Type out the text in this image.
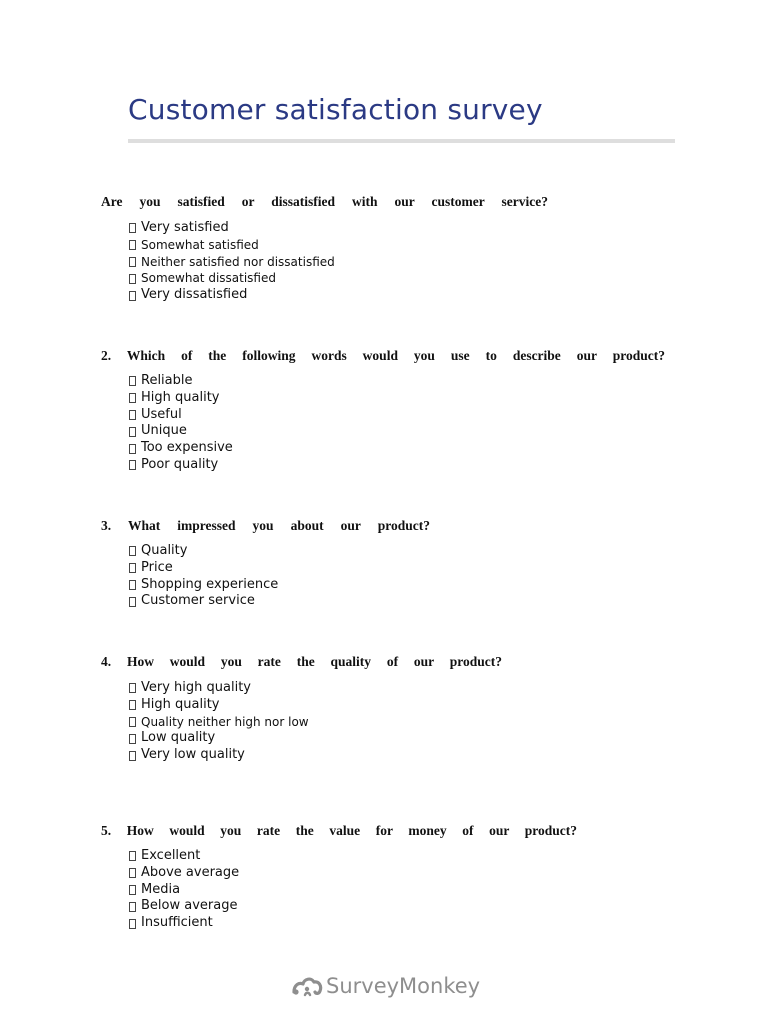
Customer satisfaction survey
Are you satisfied or dissatisfied with our customer service?
Very satisfied
Somewhat satisfied
Neither satisfied nor dissatisfied
Somewhat dissatisfied
Very dissatisfied
2. Which of the following words would you use to describe our product?
Reliable
High quality
Useful
Unique
Too expensive
Poor quality
3. What impressed you about our product?
Quality
Price
Shopping experience
Customer service
4. How would you rate the quality of our product?
Very high quality
High quality
Quality neither high nor low
Low quality
Very low quality
5. How would you rate the value for money of our product?
Excellent
Above average
Media
Below average
Insufficient
SurveyMonkey
